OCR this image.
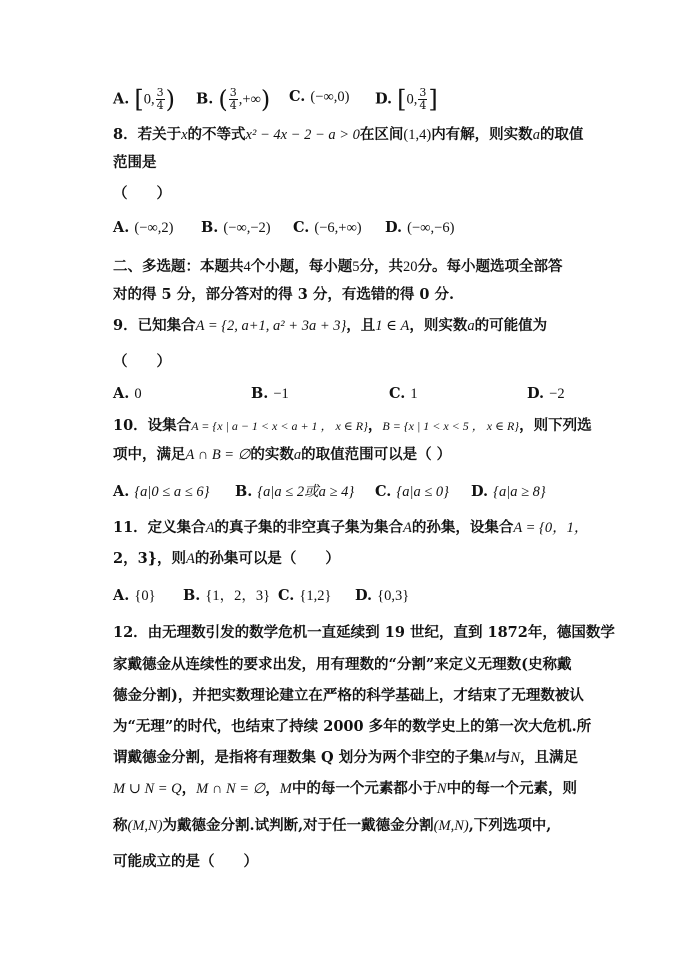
A. [0, $\frac{3}{4}$ ) B. ( $\frac{3}{4}$ ,+∞) C. (−∞,0) D. [0, $\frac{3}{4}$ ]
8．若关于x的不等式x² − 4x − 2 − a > 0在区间(1,4)内有解，则实数a的取值
范围是
（　　）
A. (−∞,2) B. (−∞,−2) C. (−6,+∞) D. (−∞,−6)
二、多选题：本题共4个小题，每小题5分，共20分。每小题选项全部答
对的得 5 分，部分答对的得 3 分，有选错的得 0 分.
9．已知集合A = {2, a+1, a² + 3a + 3}，且1 ∈ A，则实数a的可能值为
（　　）
A. 0	B. −1	C. 1	D. −2
10．设集合A = {x | a − 1 < x < a + 1 ， x ∈ R}，B = {x | 1 < x < 5 ， x ∈ R}，则下列选
项中，满足A ∩ B = ∅的实数a的取值范围可以是（ ）
A. {a|0 ≤ a ≤ 6} B. {a|a ≤ 2或a ≥ 4} C. {a|a ≤ 0} D. {a|a ≥ 8}
11．定义集合A的真子集的非空真子集为集合A的孙集，设集合A = {0，1，
2，3}，则A的孙集可以是（　　）
A. {0} B. {1，2，3} C. {1,2} D. {0,3}
12．由无理数引发的数学危机一直延续到 19 世纪，直到 1872年，德国数学
家戴德金从连续性的要求出发，用有理数的“分割”来定义无理数(史称戴
德金分割)，并把实数理论建立在严格的科学基础上，才结束了无理数被认
为“无理”的时代，也结束了持续 2000 多年的数学史上的第一次大危机.所
谓戴德金分割，是指将有理数集 Q 划分为两个非空的子集M与N，且满足
M ∪ N = Q，M ∩ N = ∅，M中的每一个元素都小于N中的每一个元素，则
称(M,N)为戴德金分割.试判断,对于任一戴德金分割(M,N),下列选项中,
可能成立的是（　　）
